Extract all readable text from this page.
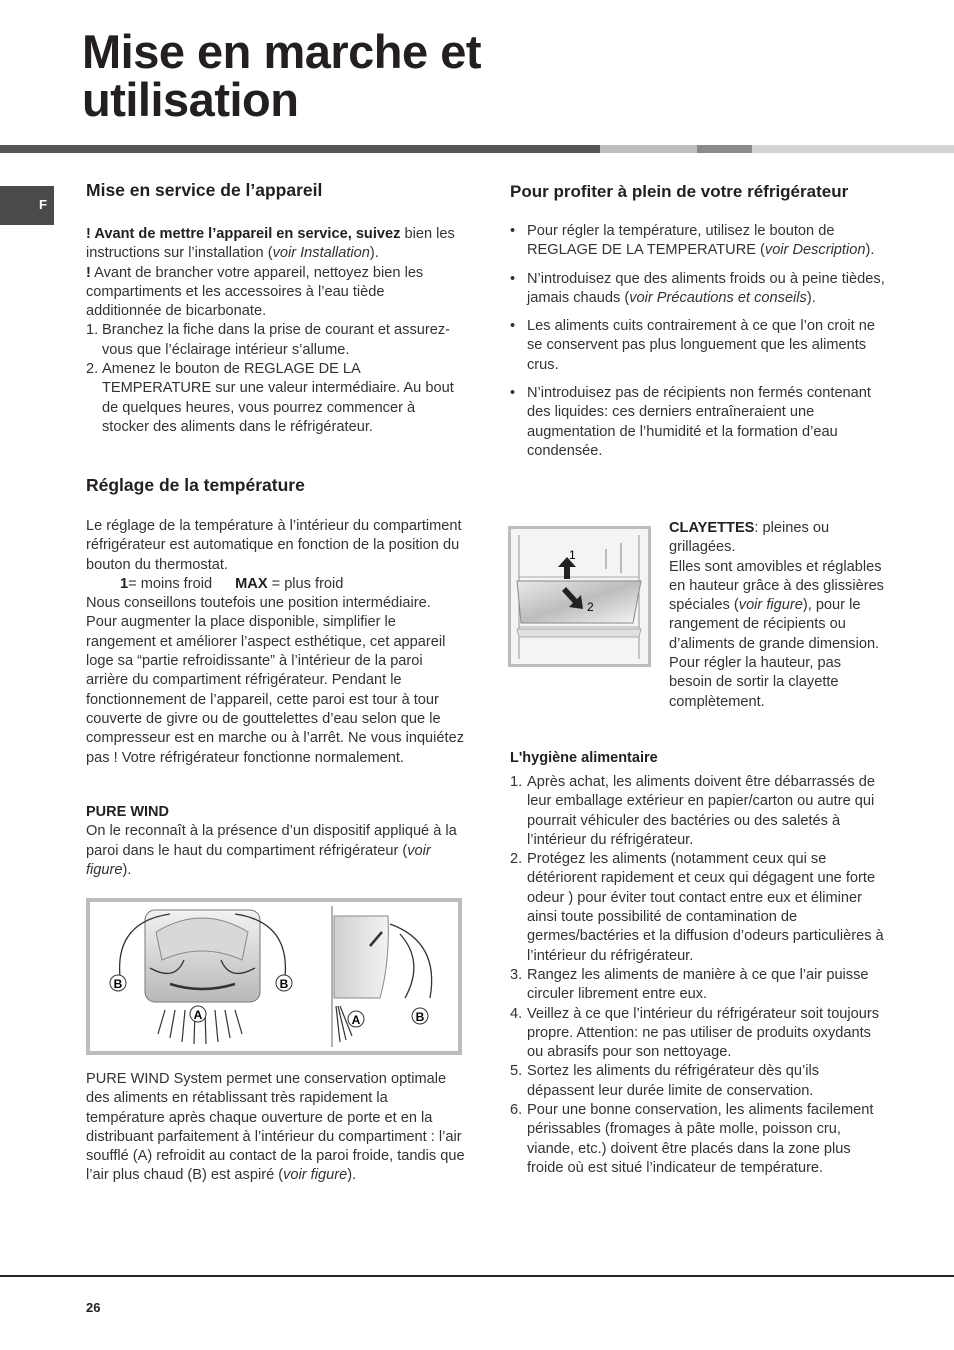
Mise en marche et utilisation
F
Mise en service de l’appareil

! Avant de mettre l’appareil en service, suivez bien les instructions sur l’installation (voir Installation).

! Avant de brancher votre appareil, nettoyez bien les compartiments et les accessoires à l’eau tiède additionnée de bicarbonate.

1. Branchez la fiche dans la prise de courant et assurez-vous que l’éclairage intérieur s’allume.
2. Amenez le bouton de REGLAGE DE LA TEMPERATURE sur une valeur intermédiaire. Au bout de quelques heures, vous pourrez commencer à stocker des aliments dans le réfrigérateur.
Réglage de la température

Le réglage de la température à l’intérieur du compartiment réfrigérateur est automatique en fonction de la position du bouton du thermostat.

1= moins froid MAX = plus froid

Nous conseillons toutefois une position intermédiaire. Pour augmenter la place disponible, simplifier le rangement et améliorer l’aspect esthétique, cet appareil loge sa “partie refroidissante” à l’intérieur de la paroi arrière du compartiment réfrigérateur. Pendant le fonctionnement de l’appareil, cette paroi est tour à tour couverte de givre ou de gouttelettes d’eau selon que le compresseur est en marche ou à l’arrêt. Ne vous inquiétez pas ! Votre réfrigérateur fonctionne normalement.

PURE WIND

On le reconnaît à la présence d’un dispositif appliqué à la paroi dans le haut du compartiment réfrigérateur (voir figure).

B	B
A	A	B

PURE WIND System permet une conservation optimale des aliments en rétablissant très rapidement la température après chaque ouverture de porte et en la distribuant parfaitement à l’intérieur du compartiment : l’air soufflé (A) refroidit au contact de la paroi froide, tandis que l’air plus chaud (B) est aspiré (voir figure).

Pour profiter à plein de votre réfrigérateur
• Pour régler la température, utilisez le bouton de REGLAGE DE LA TEMPERATURE (voir Description).
• N’introduisez que des aliments froids ou à peine tièdes, jamais chauds (voir Précautions et conseils).
• Les aliments cuits contrairement à ce que l’on croit ne se conservent pas plus longuement que les aliments crus.
• N’introduisez pas de récipients non fermés contenant des liquides: ces derniers entraîneraient une augmentation de l’humidité et la formation d’eau condensée.
1
2

CLAYETTES: pleines ou grillagées.

Elles sont amovibles et réglables en hauteur grâce à des glissières spéciales (voir figure), pour le rangement de récipients ou d’aliments de grande dimension. Pour régler la hauteur, pas besoin de sortir la clayette complètement.

L'hygiène alimentaire
1. Après achat, les aliments doivent être débarrassés de leur emballage extérieur en papier/carton ou autre qui pourrait véhiculer des bactéries ou des saletés à l’intérieur du réfrigérateur.
2. Protégez les aliments (notamment ceux qui se détériorent rapidement et ceux qui dégagent une forte odeur ) pour éviter tout contact entre eux et éliminer ainsi toute possibilité de contamination de germes/bactéries et la diffusion d’odeurs particulières à l’intérieur du réfrigérateur.
3. Rangez les aliments de manière à ce que l’air puisse circuler librement entre eux.
4. Veillez à ce que l’intérieur du réfrigérateur soit toujours propre. Attention: ne pas utiliser de produits oxydants ou abrasifs pour son nettoyage.
5. Sortez les aliments du réfrigérateur dès qu’ils dépassent leur durée limite de conservation.
6. Pour une bonne conservation, les aliments facilement périssables (fromages à pâte molle, poisson cru, viande, etc.) doivent être placés dans la zone plus froide où est situé l’indicateur de température.
26
